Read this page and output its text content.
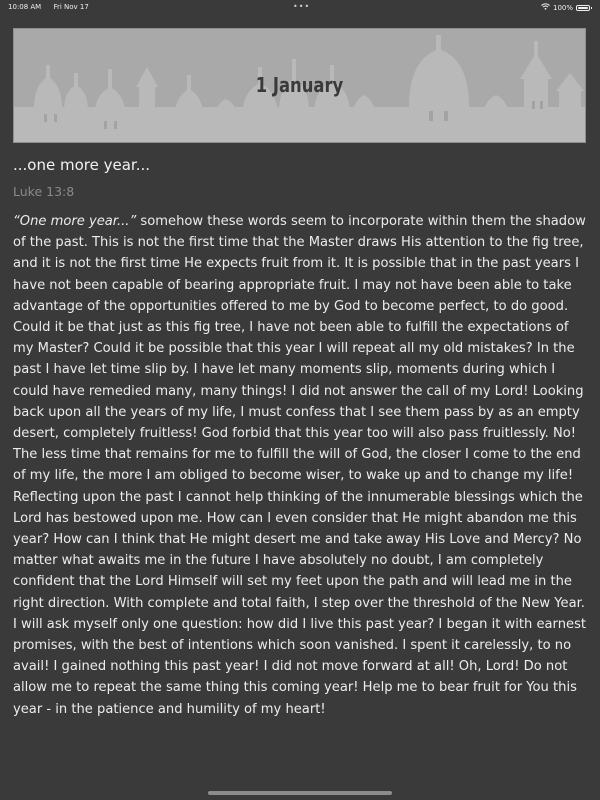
10:08 AM Fri Nov 17	•••	100%
1 January
...one more year...
Luke 13:8

“One more year...” somehow these words seem to incorporate within them the shadow of the past. This is not the first time that the Master draws His attention to the fig tree, and it is not the first time He expects fruit from it. It is possible that in the past years I have not been capable of bearing appropriate fruit. I may not have been able to take advantage of the opportunities offered to me by God to become perfect, to do good. Could it be that just as this fig tree, I have not been able to fulfill the expectations of my Master? Could it be possible that this year I will repeat all my old mistakes? In the past I have let time slip by. I have let many moments slip, moments during which I could have remedied many, many things! I did not answer the call of my Lord! Looking back upon all the years of my life, I must confess that I see them pass by as an empty desert, completely fruitless! God forbid that this year too will also pass fruitlessly. No! The less time that remains for me to fulfill the will of God, the closer I come to the end of my life, the more I am obliged to become wiser, to wake up and to change my life! Reflecting upon the past I cannot help thinking of the innumerable blessings which the Lord has bestowed upon me. How can I even consider that He might abandon me this year? How can I think that He might desert me and take away His Love and Mercy? No matter what awaits me in the future I have absolutely no doubt, I am completely confident that the Lord Himself will set my feet upon the path and will lead me in the right direction. With complete and total faith, I step over the threshold of the New Year. I will ask myself only one question: how did I live this past year? I began it with earnest promises, with the best of intentions which soon vanished. I spent it carelessly, to no avail! I gained nothing this past year! I did not move forward at all! Oh, Lord! Do not allow me to repeat the same thing this coming year! Help me to bear fruit for You this year - in the patience and humility of my heart!
